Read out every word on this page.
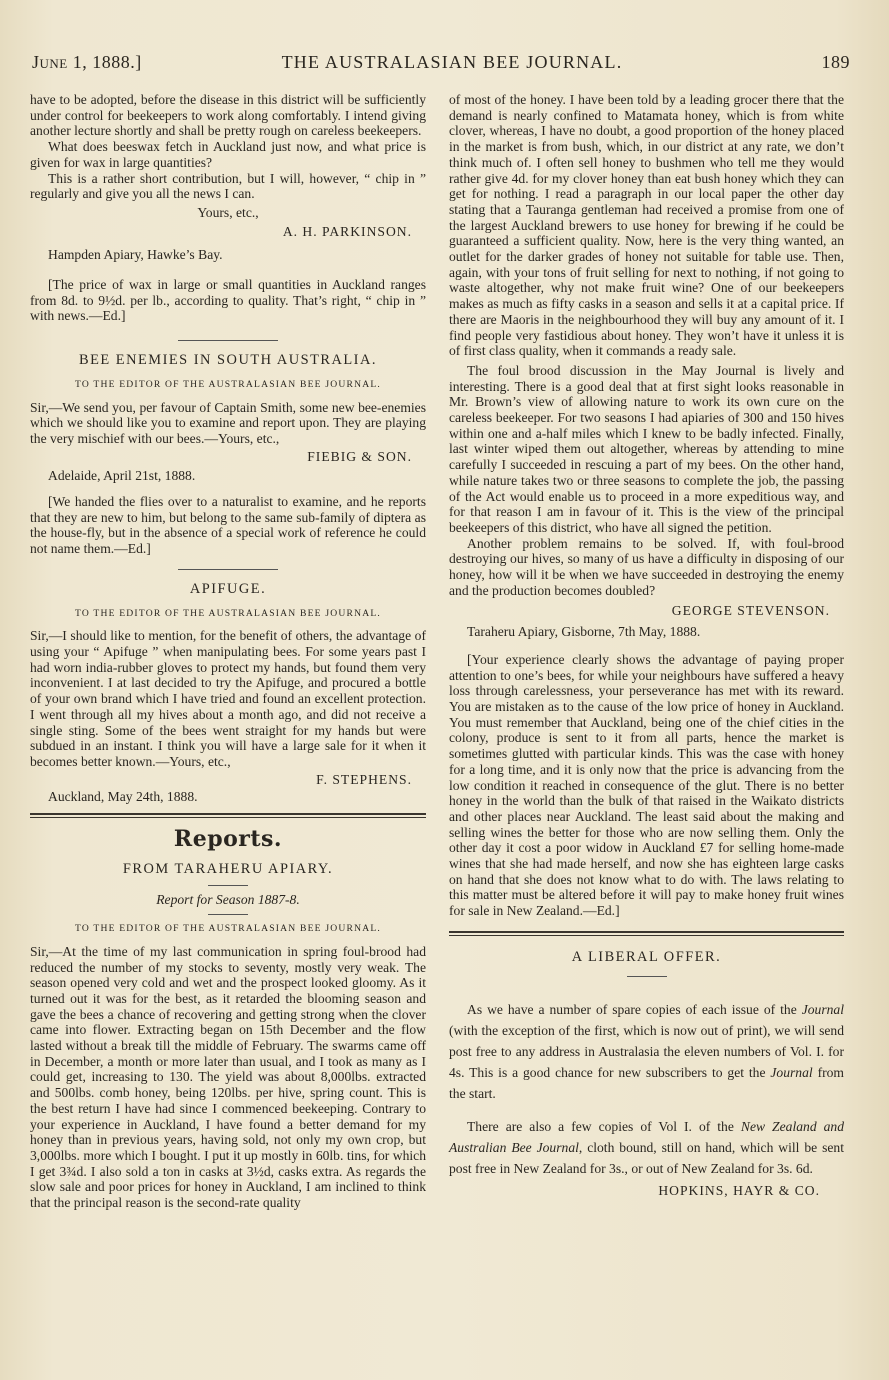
June 1, 1888.]	THE AUSTRALASIAN BEE JOURNAL.	189

have to be adopted, before the disease in this district will be sufficiently under control for beekeepers to work along comfortably. I intend giving another lecture shortly and shall be pretty rough on careless beekeepers.

What does beeswax fetch in Auckland just now, and what price is given for wax in large quantities?

This is a rather short contribution, but I will, however, “ chip in ” regularly and give you all the news I can.

Yours, etc.,

A. H. PARKINSON.

Hampden Apiary, Hawke’s Bay.

[The price of wax in large or small quantities in Auckland ranges from 8d. to 9½d. per lb., according to quality. That’s right, “ chip in ” with news.—Ed.]

BEE ENEMIES IN SOUTH AUSTRALIA.
TO THE EDITOR OF THE AUSTRALASIAN BEE JOURNAL.

Sir,—We send you, per favour of Captain Smith, some new bee-enemies which we should like you to examine and report upon. They are playing the very mischief with our bees.—Yours, etc.,

FIEBIG & SON.

Adelaide, April 21st, 1888.

[We handed the flies over to a naturalist to examine, and he reports that they are new to him, but belong to the same sub-family of diptera as the house-fly, but in the absence of a special work of reference he could not name them.—Ed.]

APIFUGE.
TO THE EDITOR OF THE AUSTRALASIAN BEE JOURNAL.

Sir,—I should like to mention, for the benefit of others, the advantage of using your “ Apifuge ” when manipulating bees. For some years past I had worn india-rubber gloves to protect my hands, but found them very inconvenient. I at last decided to try the Apifuge, and procured a bottle of your own brand which I have tried and found an excellent protection. I went through all my hives about a month ago, and did not receive a single sting. Some of the bees went straight for my hands but were subdued in an instant. I think you will have a large sale for it when it becomes better known.—Yours, etc.,

F. STEPHENS.

Auckland, May 24th, 1888.

Reports.
FROM TARAHERU APIARY.

Report for Season 1887-8.

TO THE EDITOR OF THE AUSTRALASIAN BEE JOURNAL.

Sir,—At the time of my last communication in spring foul-brood had reduced the number of my stocks to seventy, mostly very weak. The season opened very cold and wet and the prospect looked gloomy. As it turned out it was for the best, as it retarded the blooming season and gave the bees a chance of recovering and getting strong when the clover came into flower. Extracting began on 15th December and the flow lasted without a break till the middle of February. The swarms came off in December, a month or more later than usual, and I took as many as I could get, increasing to 130. The yield was about 8,000lbs. extracted and 500lbs. comb honey, being 120lbs. per hive, spring count. This is the best return I have had since I commenced beekeeping. Contrary to your experience in Auckland, I have found a better demand for my honey than in previous years, having sold, not only my own crop, but 3,000lbs. more which I bought. I put it up mostly in 60lb. tins, for which I get 3¾d. I also sold a ton in casks at 3½d, casks extra. As regards the slow sale and poor prices for honey in Auckland, I am inclined to think that the principal reason is the second-rate quality

of most of the honey. I have been told by a leading grocer there that the demand is nearly confined to Matamata honey, which is from white clover, whereas, I have no doubt, a good proportion of the honey placed in the market is from bush, which, in our district at any rate, we don’t think much of. I often sell honey to bushmen who tell me they would rather give 4d. for my clover honey than eat bush honey which they can get for nothing. I read a paragraph in our local paper the other day stating that a Tauranga gentleman had received a promise from one of the largest Auckland brewers to use honey for brewing if he could be guaranteed a sufficient quality. Now, here is the very thing wanted, an outlet for the darker grades of honey not suitable for table use. Then, again, with your tons of fruit selling for next to nothing, if not going to waste altogether, why not make fruit wine? One of our beekeepers makes as much as fifty casks in a season and sells it at a capital price. If there are Maoris in the neighbourhood they will buy any amount of it. I find people very fastidious about honey. They won’t have it unless it is of first class quality, when it commands a ready sale.

The foul brood discussion in the May Journal is lively and interesting. There is a good deal that at first sight looks reasonable in Mr. Brown’s view of allowing nature to work its own cure on the careless beekeeper. For two seasons I had apiaries of 300 and 150 hives within one and a-half miles which I knew to be badly infected. Finally, last winter wiped them out altogether, whereas by attending to mine carefully I succeeded in rescuing a part of my bees. On the other hand, while nature takes two or three seasons to complete the job, the passing of the Act would enable us to proceed in a more expeditious way, and for that reason I am in favour of it. This is the view of the principal beekeepers of this district, who have all signed the petition.

Another problem remains to be solved. If, with foul-brood destroying our hives, so many of us have a difficulty in disposing of our honey, how will it be when we have succeeded in destroying the enemy and the production becomes doubled?

GEORGE STEVENSON.

Taraheru Apiary, Gisborne, 7th May, 1888.

[Your experience clearly shows the advantage of paying proper attention to one’s bees, for while your neighbours have suffered a heavy loss through carelessness, your perseverance has met with its reward. You are mistaken as to the cause of the low price of honey in Auckland. You must remember that Auckland, being one of the chief cities in the colony, produce is sent to it from all parts, hence the market is sometimes glutted with particular kinds. This was the case with honey for a long time, and it is only now that the price is advancing from the low condition it reached in consequence of the glut. There is no better honey in the world than the bulk of that raised in the Waikato districts and other places near Auckland. The least said about the making and selling wines the better for those who are now selling them. Only the other day it cost a poor widow in Auckland £7 for selling home-made wines that she had made herself, and now she has eighteen large casks on hand that she does not know what to do with. The laws relating to this matter must be altered before it will pay to make honey fruit wines for sale in New Zealand.—Ed.]

A LIBERAL OFFER.

As we have a number of spare copies of each issue of the Journal (with the exception of the first, which is now out of print), we will send post free to any address in Australasia the eleven numbers of Vol. I. for 4s. This is a good chance for new subscribers to get the Journal from the start.

There are also a few copies of Vol I. of the New Zealand and Australian Bee Journal, cloth bound, still on hand, which will be sent post free in New Zealand for 3s., or out of New Zealand for 3s. 6d.

HOPKINS, HAYR & CO.
